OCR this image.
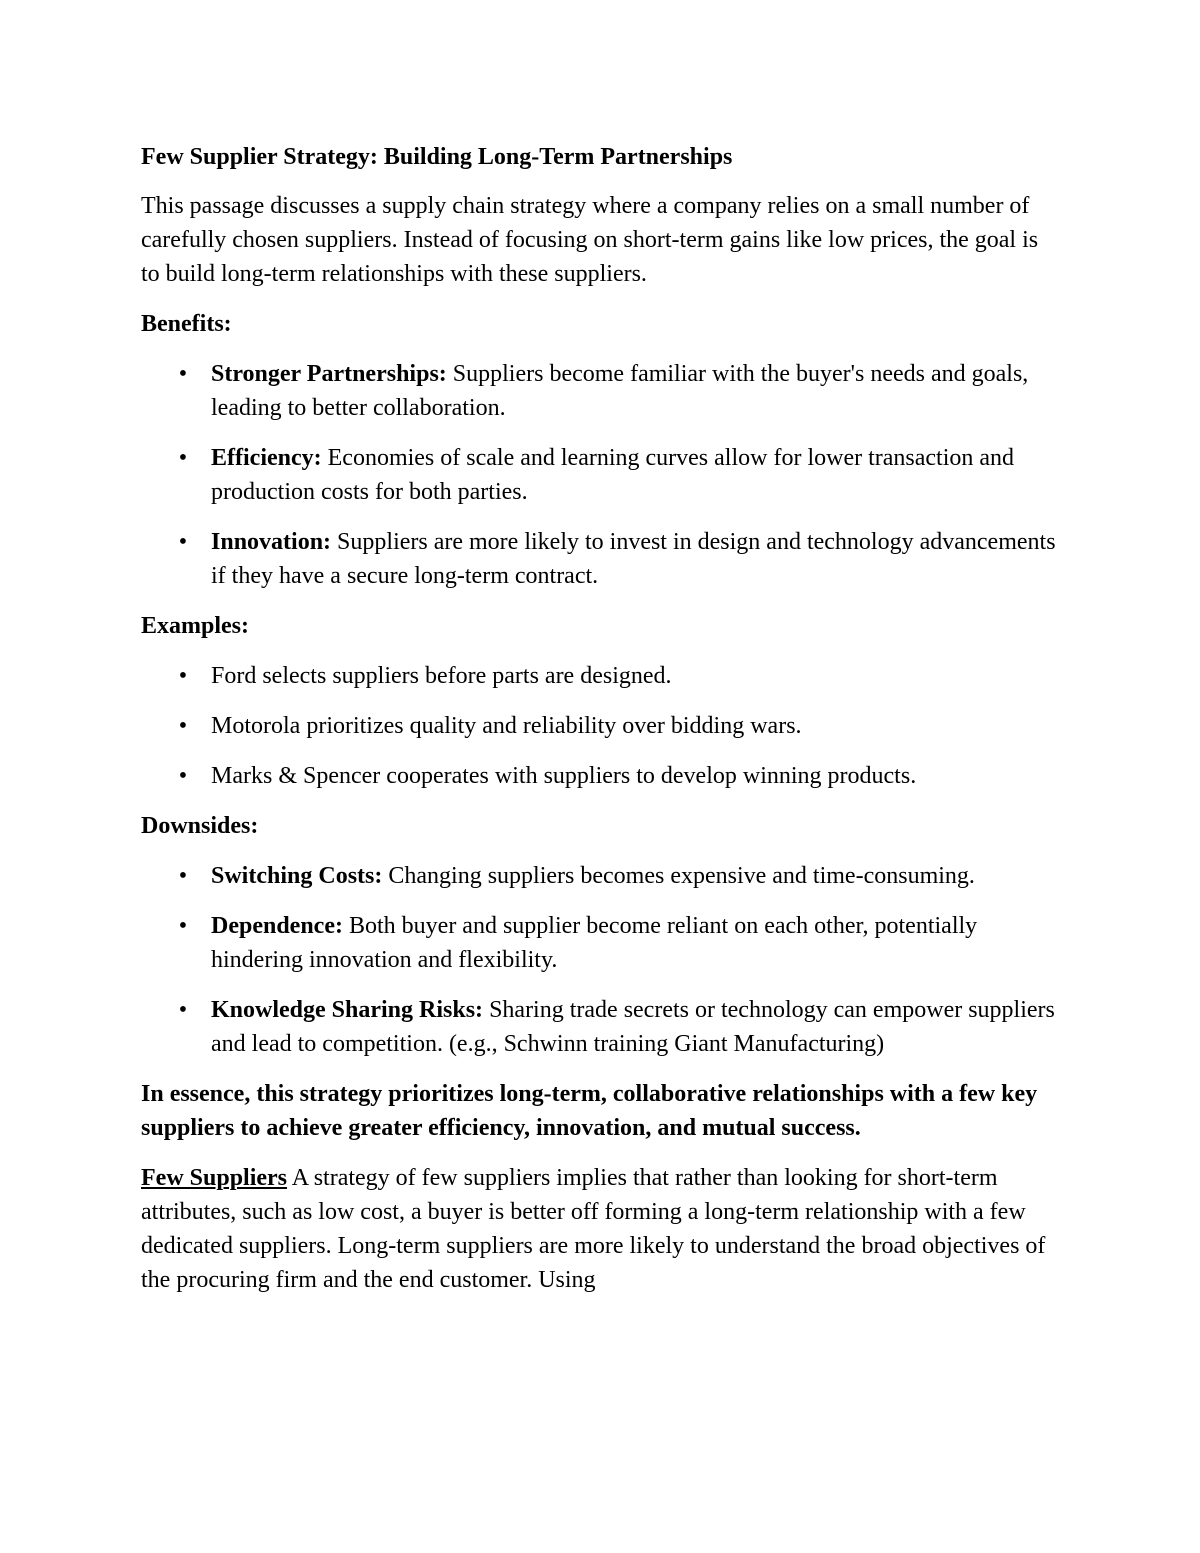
Few Supplier Strategy: Building Long-Term Partnerships
This passage discusses a supply chain strategy where a company relies on a small number of carefully chosen suppliers. Instead of focusing on short-term gains like low prices, the goal is to build long-term relationships with these suppliers.
Benefits:
• Stronger Partnerships: Suppliers become familiar with the buyer's needs and goals, leading to better collaboration.
• Efficiency: Economies of scale and learning curves allow for lower transaction and production costs for both parties.
• Innovation: Suppliers are more likely to invest in design and technology advancements if they have a secure long-term contract.
Examples:
• Ford selects suppliers before parts are designed.
• Motorola prioritizes quality and reliability over bidding wars.
• Marks & Spencer cooperates with suppliers to develop winning products.
Downsides:
• Switching Costs: Changing suppliers becomes expensive and time-consuming.
• Dependence: Both buyer and supplier become reliant on each other, potentially hindering innovation and flexibility.
• Knowledge Sharing Risks: Sharing trade secrets or technology can empower suppliers and lead to competition. (e.g., Schwinn training Giant Manufacturing)
In essence, this strategy prioritizes long-term, collaborative relationships with a few key suppliers to achieve greater efficiency, innovation, and mutual success.
Few Suppliers A strategy of few suppliers implies that rather than looking for short-term attributes, such as low cost, a buyer is better off forming a long-term relationship with a few dedicated suppliers. Long-term suppliers are more likely to understand the broad objectives of the procuring firm and the end customer. Using
